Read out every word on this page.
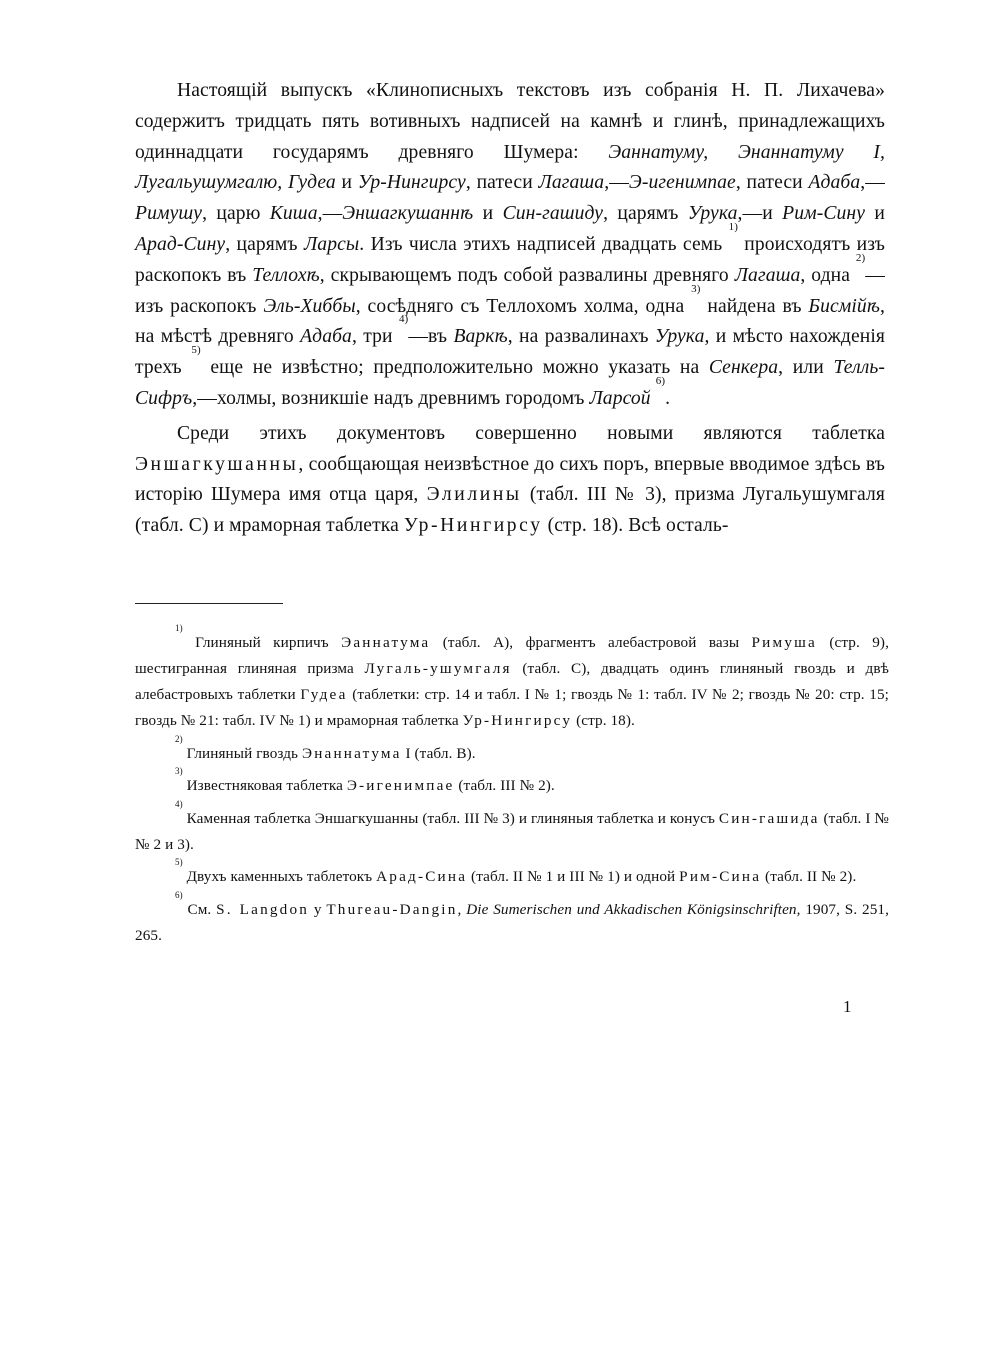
Настоящій выпускъ «Клинописныхъ текстовъ изъ собранія Н. П. Лихачева» содержитъ тридцать пять вотивныхъ надписей на камнѣ и глинѣ, принадлежащихъ одиннадцати государямъ древняго Шумера: Эаннатуму, Энаннатуму I, Лугальушумгалю, Гудеа и Ур-Нингирсу, патеси Лагаша,—Э-игенимпае, патеси Адаба,—Римушу, царю Киша,—Эншагкушаннѣ и Син-гашиду, царямъ Урука,—и Рим-Сину и Арад-Сину, царямъ Ларсы. Изъ числа этихъ надписей двадцать семь $^{1)}$ происходятъ изъ раскопокъ въ Теллохѣ, скрывающемъ подъ собой развалины древняго Лагаша, одна $^{2)}$—изъ раскопокъ Эль-Хиббы, сосѣдняго съ Теллохомъ холма, одна $^{3)}$ найдена въ Бисмійѣ, на мѣстѣ древняго Адаба, три $^{4)}$—въ Варкѣ, на развалинахъ Урука, и мѣсто нахожденія трехъ $^{5)}$ еще не извѣстно; предположительно можно указать на Сенкера, или Телль-Сифръ,—холмы, возникшіе надъ древнимъ городомъ Ларсой $^{6)}$.

Среди этихъ документовъ совершенно новыми являются таблетка Эншагкушанны, сообщающая неизвѣстное до сихъ поръ, впервые вводимое здѣсь въ исторію Шумера имя отца царя, Элилины (табл. III № 3), призма Лугальушумгаля (табл. С) и мраморная таблетка Ур-Нингирсу (стр. 18). Всѣ осталь-

$^{1)}$ Глиняный кирпичъ Эаннатума (табл. А), фрагментъ алебастровой вазы Римуша (стр. 9), шестигранная глиняная призма Лугаль-ушумгаля (табл. С), двадцать одинъ глиняный гвоздь и двѣ алебастровыхъ таблетки Гудеа (таблетки: стр. 14 и табл. I № 1; гвоздь № 1: табл. IV № 2; гвоздь № 20: стр. 15; гвоздь № 21: табл. IV № 1) и мраморная таблетка Ур-Нингирсу (стр. 18).

$^{2)}$ Глиняный гвоздь Энаннатума I (табл. В).

$^{3)}$ Известняковая таблетка Э-игенимпае (табл. III № 2).

$^{4)}$ Каменная таблетка Эншагкушанны (табл. III № 3) и глиняныя таблетка и конусъ Син-гашида (табл. I №№ 2 и 3).

$^{5)}$ Двухъ каменныхъ таблетокъ Арад-Сина (табл. II № 1 и III № 1) и одной Рим-Сина (табл. II № 2).

$^{6)}$ См. S. Langdon у Thureau-Dangin, Die Sumerischen und Akkadischen Königsinschriften, 1907, S. 251, 265.

1
